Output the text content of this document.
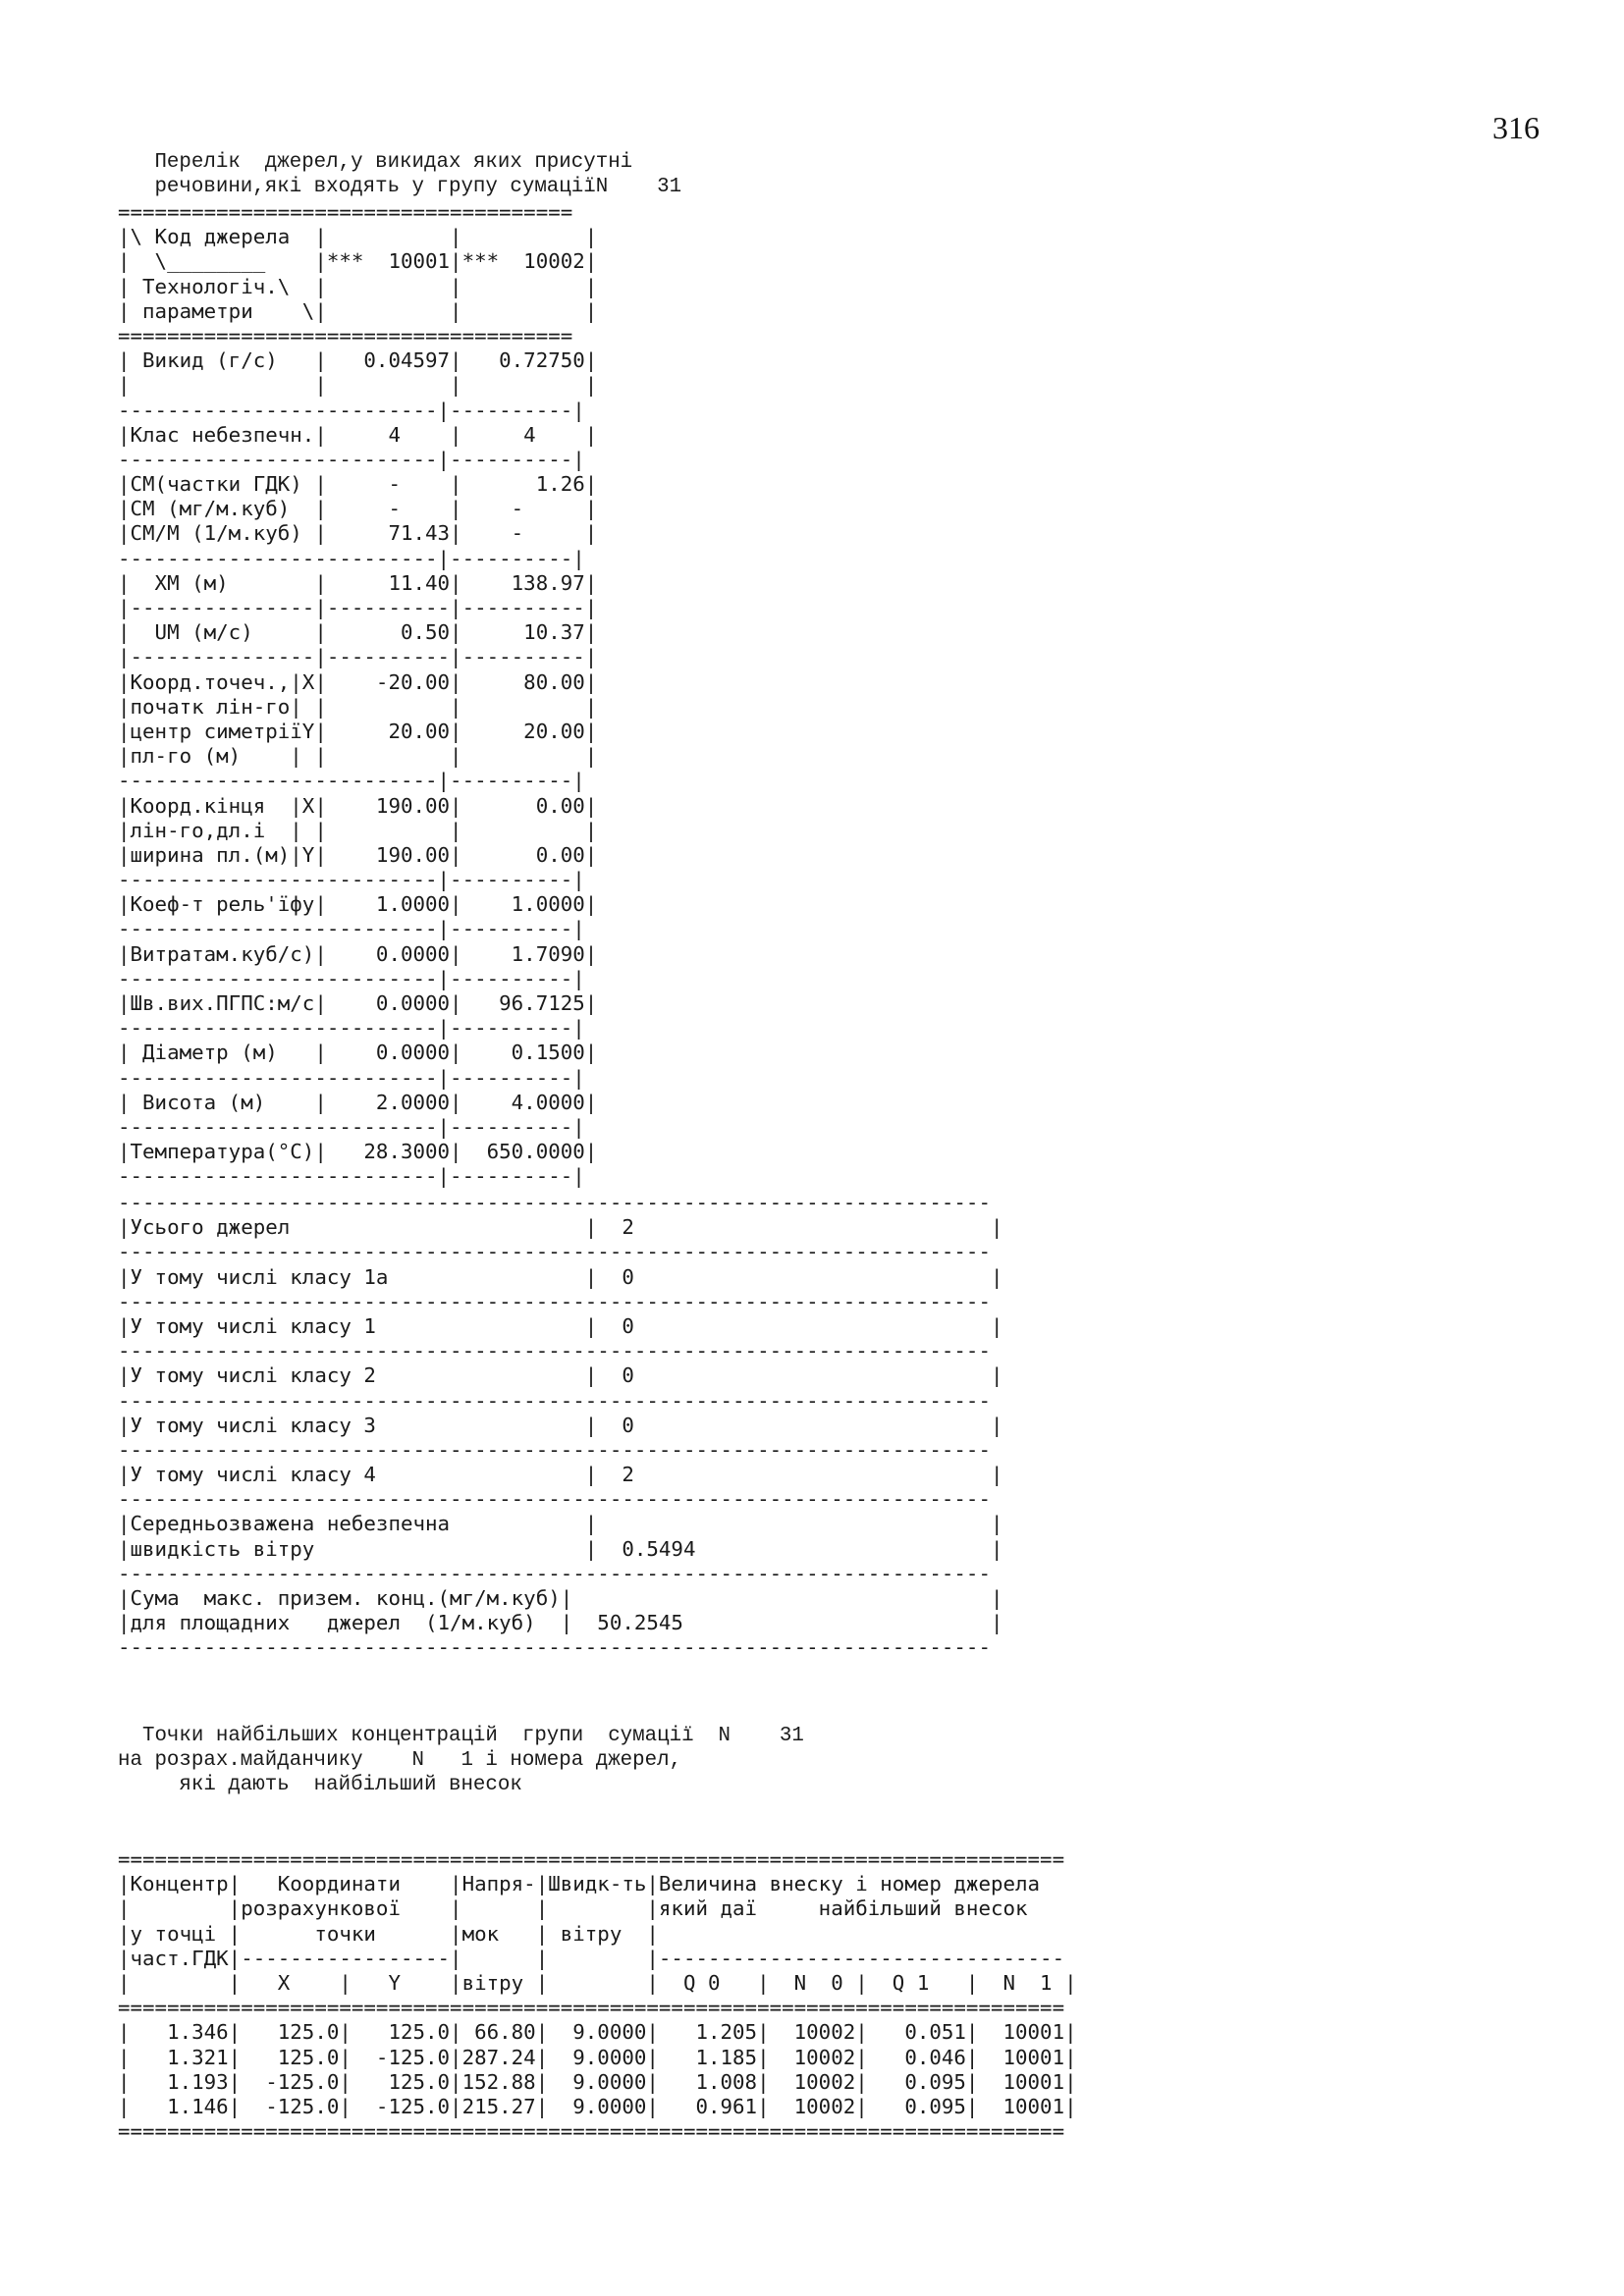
316
Перелік  джерел,у викидах яких присутні
речовини,які входять у групу сумаціїN    31
=====================================
|\ Код джерела  |          |          |
|  \________    |***  10001|***  10002|
| Технологіч.\  |          |          |
| параметри    \|          |          |
=====================================
| Викид (г/с)   |   0.04597|   0.72750|
|               |          |          |
--------------------------|----------|
|Клас небезпечн.|     4    |     4    |
--------------------------|----------|
|CM(частки ГДК) |     -    |      1.26|
|CM (мг/м.куб)  |     -    |    -     |
|CM/M (1/м.куб) |     71.43|    -     |
--------------------------|----------|
|  XM (м)       |     11.40|    138.97|
|---------------|----------|----------|
|  UM (м/с)     |      0.50|     10.37|
|---------------|----------|----------|
|Коорд.точеч.,|X|    -20.00|     80.00|
|початк лін-го| |          |          |
|центр симетріїY|     20.00|     20.00|
|пл-го (м)    | |          |          |
--------------------------|----------|
|Коорд.кінця  |X|    190.00|      0.00|
|лін-го,дл.і  | |          |          |
|ширина пл.(м)|Y|    190.00|      0.00|
--------------------------|----------|
|Коеф-т рель'їфу|    1.0000|    1.0000|
--------------------------|----------|
|Витратам.куб/с)|    0.0000|    1.7090|
--------------------------|----------|
|Шв.вих.ПГПС:м/с|    0.0000|   96.7125|
--------------------------|----------|
| Діаметр (м)   |    0.0000|    0.1500|
--------------------------|----------|
| Висота (м)    |    2.0000|    4.0000|
--------------------------|----------|
|Температура(°C)|   28.3000|  650.0000|
--------------------------|----------|
-----------------------------------------------------------------------
|Усього джерел                        |  2                             |
-----------------------------------------------------------------------
|У тому числі класу 1а                |  0                             |
-----------------------------------------------------------------------
|У тому числі класу 1                 |  0                             |
-----------------------------------------------------------------------
|У тому числі класу 2                 |  0                             |
-----------------------------------------------------------------------
|У тому числі класу 3                 |  0                             |
-----------------------------------------------------------------------
|У тому числі класу 4                 |  2                             |
-----------------------------------------------------------------------
|Середньозважена небезпечна           |                                |
|швидкість вітру                      |  0.5494                        |
-----------------------------------------------------------------------
|Сума  макс. призем. конц.(мг/м.куб)|                                  |
|для площадних   джерел  (1/м.куб)  |  50.2545                         |
-----------------------------------------------------------------------
Точки найбільших концентрацій  групи  сумації  N    31
на розрах.майданчику    N   1 і номера джерел,
які дають  найбільший внесок
=============================================================================
|Концентр|   Координати    |Напря-|Швидк-ть|Величина внеску і номер джерела
|        |розрахункової    |      |        |який даї     найбільший внесок
|у точці |      точки      |мок   | вітру  |
|част.ГДК|-----------------|      |        |---------------------------------
|        |   X    |   Y    |вітру |        |  Q 0   |  N  0 |  Q 1   |  N  1 |
=============================================================================
|   1.346|   125.0|   125.0| 66.80|  9.0000|   1.205|  10002|   0.051|  10001|
|   1.321|   125.0|  -125.0|287.24|  9.0000|   1.185|  10002|   0.046|  10001|
|   1.193|  -125.0|   125.0|152.88|  9.0000|   1.008|  10002|   0.095|  10001|
|   1.146|  -125.0|  -125.0|215.27|  9.0000|   0.961|  10002|   0.095|  10001|
=============================================================================
